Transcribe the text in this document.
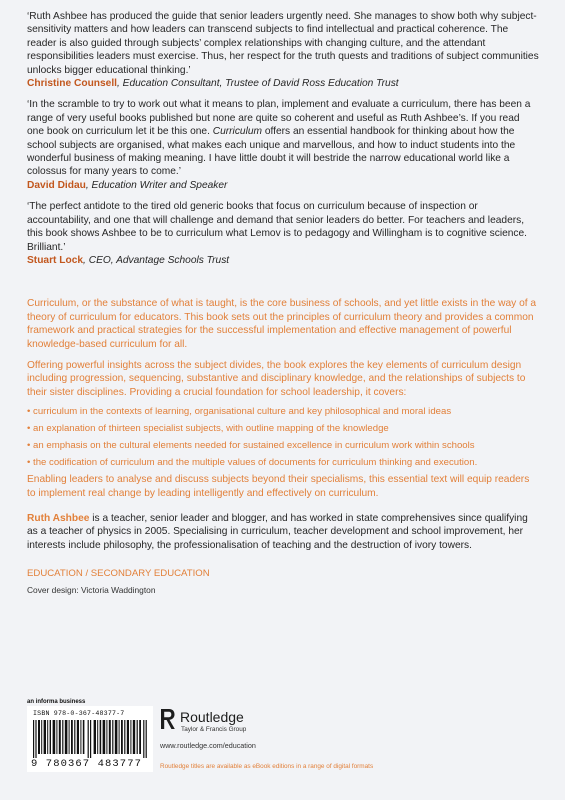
‘Ruth Ashbee has produced the guide that senior leaders urgently need. She manages to show both why subject-sensitivity matters and how leaders can transcend subjects to find intellectual and practical coherence. The reader is also guided through subjects’ complex relationships with changing culture, and the attendant responsibilities leaders must exercise. Thus, her respect for the truth quests and traditions of subject communities unlocks bigger educational thinking.’
Christine Counsell, Education Consultant, Trustee of David Ross Education Trust

‘In the scramble to try to work out what it means to plan, implement and evaluate a curriculum, there has been a range of very useful books published but none are quite so coherent and useful as Ruth Ashbee’s. If you read one book on curriculum let it be this one. Curriculum offers an essential handbook for thinking about how the school subjects are organised, what makes each unique and marvellous, and how to induct students into the wonderful business of making meaning. I have little doubt it will bestride the narrow educational world like a colossus for many years to come.’
David Didau, Education Writer and Speaker

‘The perfect antidote to the tired old generic books that focus on curriculum because of inspection or accountability, and one that will challenge and demand that senior leaders do better. For teachers and leaders, this book shows Ashbee to be to curriculum what Lemov is to pedagogy and Willingham is to cognitive science. Brilliant.’
Stuart Lock, CEO, Advantage Schools Trust

Curriculum, or the substance of what is taught, is the core business of schools, and yet little exists in the way of a theory of curriculum for educators. This book sets out the principles of curriculum theory and provides a common framework and practical strategies for the successful implementation and effective management of powerful knowledge-based curriculum for all.

Offering powerful insights across the subject divides, the book explores the key elements of curriculum design including progression, sequencing, substantive and disciplinary knowledge, and the relationships of subjects to their sister disciplines. Providing a crucial foundation for school leadership, it covers:

• curriculum in the contexts of learning, organisational culture and key philosophical and moral ideas
• an explanation of thirteen specialist subjects, with outline mapping of the knowledge
• an emphasis on the cultural elements needed for sustained excellence in curriculum work within schools
• the codification of curriculum and the multiple values of documents for curriculum thinking and execution.

Enabling leaders to analyse and discuss subjects beyond their specialisms, this essential text will equip readers to implement real change by leading intelligently and effectively on curriculum.

Ruth Ashbee is a teacher, senior leader and blogger, and has worked in state comprehensives since qualifying as a teacher of physics in 2005. Specialising in curriculum, teacher development and school improvement, her interests include philosophy, the professionalisation of teaching and the destruction of ivory towers.

EDUCATION / SECONDARY EDUCATION

Cover design: Victoria Waddington

an informa business
ISBN 978-0-367-48377-7
9 780367 483777
Routledge
Taylor & Francis Group
www.routledge.com/education
Routledge titles are available as eBook editions in a range of digital formats
